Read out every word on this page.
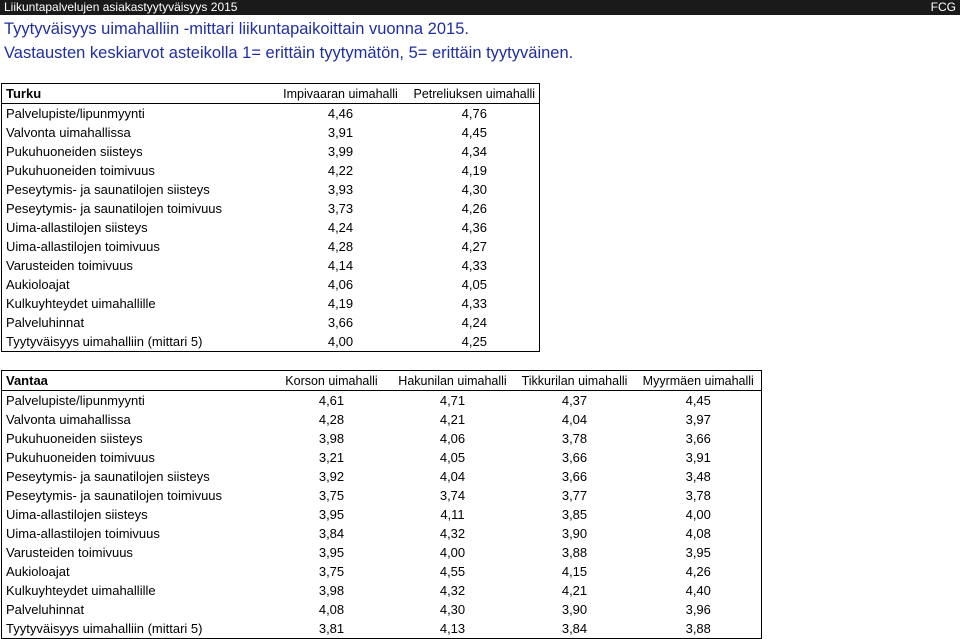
Liikuntapalvelujen asiakastyytyväisyys 2015	FCG
Tyytyväisyys uimahalliin -mittari liikuntapaikoittain vuonna 2015.
Vastausten keskiarvot asteikolla 1= erittäin tyytymätön, 5= erittäin tyytyväinen.
Turku	Impivaaran uimahalli	Petreliuksen uimahalli
Palvelupiste/lipunmyynti	4,46	4,76
Valvonta uimahallissa	3,91	4,45
Pukuhuoneiden siisteys	3,99	4,34
Pukuhuoneiden toimivuus	4,22	4,19
Peseytymis- ja saunatilojen siisteys	3,93	4,30
Peseytymis- ja saunatilojen toimivuus	3,73	4,26
Uima-allastilojen siisteys	4,24	4,36
Uima-allastilojen toimivuus	4,28	4,27
Varusteiden toimivuus	4,14	4,33
Aukioloajat	4,06	4,05
Kulkuyhteydet uimahallille	4,19	4,33
Palveluhinnat	3,66	4,24
Tyytyväisyys uimahalliin (mittari 5)	4,00	4,25
Vantaa	Korson uimahalli	Hakunilan uimahalli	Tikkurilan uimahalli	Myyrmäen uimahalli
Palvelupiste/lipunmyynti	4,61	4,71	4,37	4,45
Valvonta uimahallissa	4,28	4,21	4,04	3,97
Pukuhuoneiden siisteys	3,98	4,06	3,78	3,66
Pukuhuoneiden toimivuus	3,21	4,05	3,66	3,91
Peseytymis- ja saunatilojen siisteys	3,92	4,04	3,66	3,48
Peseytymis- ja saunatilojen toimivuus	3,75	3,74	3,77	3,78
Uima-allastilojen siisteys	3,95	4,11	3,85	4,00
Uima-allastilojen toimivuus	3,84	4,32	3,90	4,08
Varusteiden toimivuus	3,95	4,00	3,88	3,95
Aukioloajat	3,75	4,55	4,15	4,26
Kulkuyhteydet uimahallille	3,98	4,32	4,21	4,40
Palveluhinnat	4,08	4,30	3,90	3,96
Tyytyväisyys uimahalliin (mittari 5)	3,81	4,13	3,84	3,88
